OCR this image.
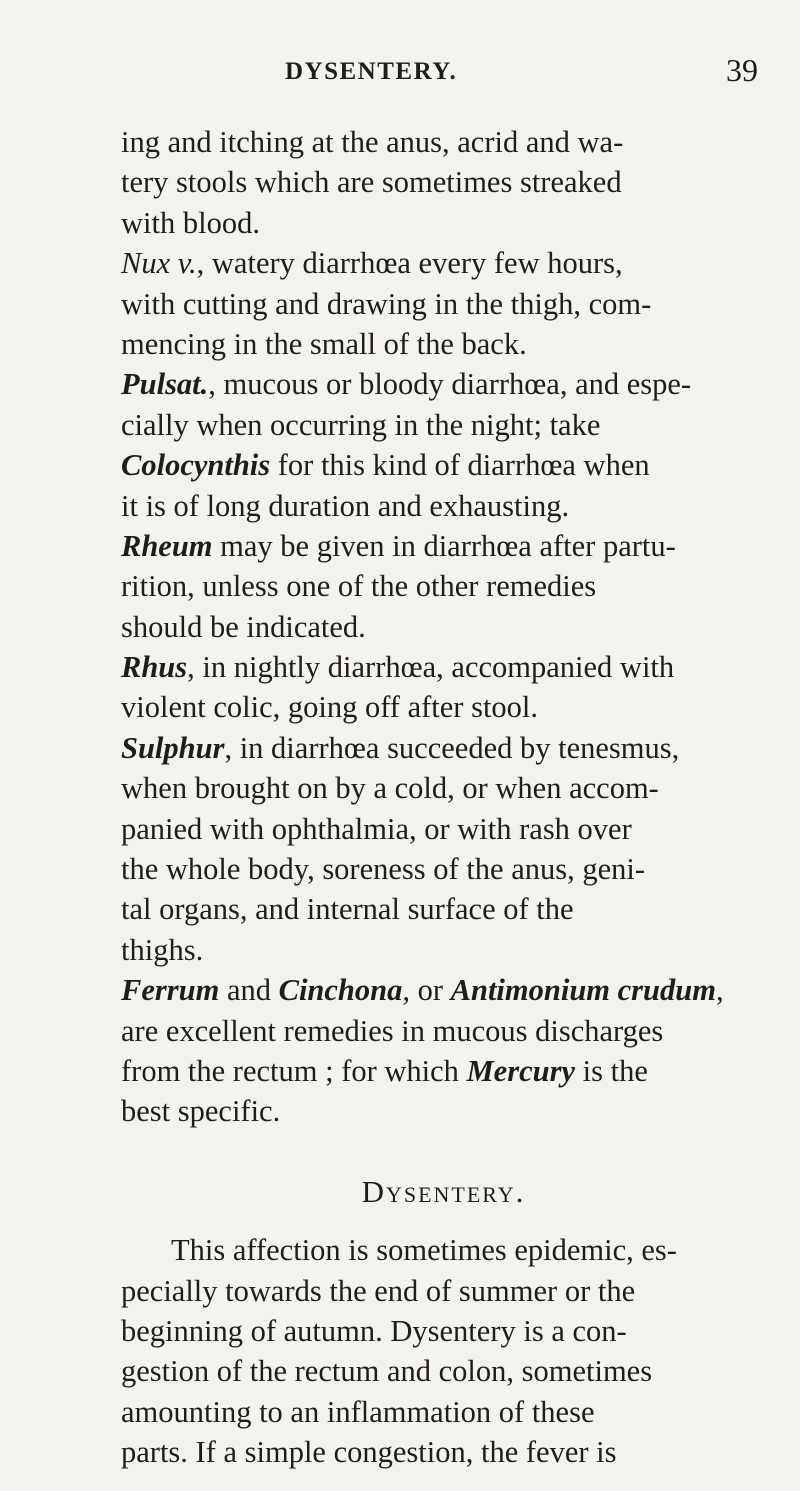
DYSENTERY.	39
ing and itching at the anus, acrid and wa-
tery stools which are sometimes streaked
with blood.
Nux v., watery diarrhœa every few hours,
with cutting and drawing in the thigh, com-
mencing in the small of the back.
Pulsat., mucous or bloody diarrhœa, and espe-
cially when occurring in the night; take
Colocynthis for this kind of diarrhœa when
it is of long duration and exhausting.
Rheum may be given in diarrhœa after partu-
rition, unless one of the other remedies
should be indicated.
Rhus, in nightly diarrhœa, accompanied with
violent colic, going off after stool.
Sulphur, in diarrhœa succeeded by tenesmus,
when brought on by a cold, or when accom-
panied with ophthalmia, or with rash over
the whole body, soreness of the anus, geni-
tal organs, and internal surface of the
thighs.
Ferrum and Cinchona, or Antimonium crudum,
are excellent remedies in mucous discharges
from the rectum ; for which Mercury is the
best specific.
Dysentery.
This affection is sometimes epidemic, es-
pecially towards the end of summer or the
beginning of autumn. Dysentery is a con-
gestion of the rectum and colon, sometimes
amounting to an inflammation of these
parts. If a simple congestion, the fever is
